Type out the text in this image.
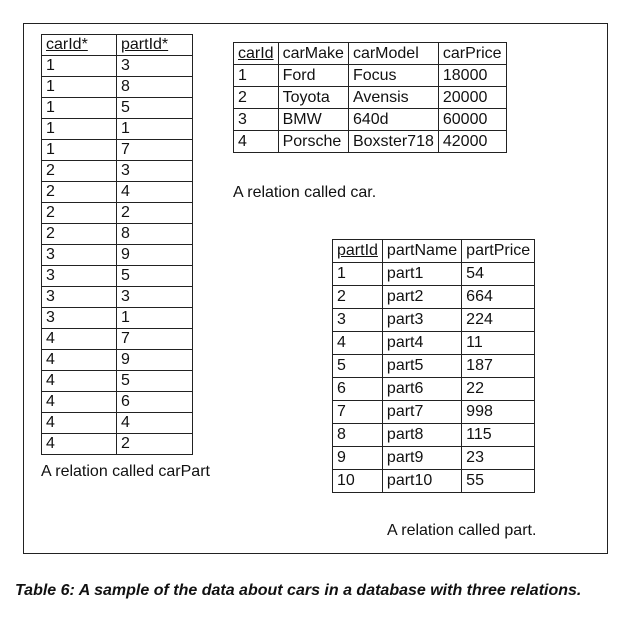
carId*	partId*
1	3
1	8
1	5
1	1
1	7
2	3
2	4
2	2
2	8
3	9
3	5
3	3
3	1
4	7
4	9
4	5
4	6
4	4
4	2
carId	carMake	carModel	carPrice
1	Ford	Focus	18000
2	Toyota	Avensis	20000
3	BMW	640d	60000
4	Porsche	Boxster718	42000
partId	partName	partPrice
1	part1	54
2	part2	664
3	part3	224
4	part4	11
5	part5	187
6	part6	22
7	part7	998
8	part8	115
9	part9	23
10	part10	55
A relation called carPart
A relation called car.
A relation called part.
Table 6: A sample of the data about cars in a database with three relations.
